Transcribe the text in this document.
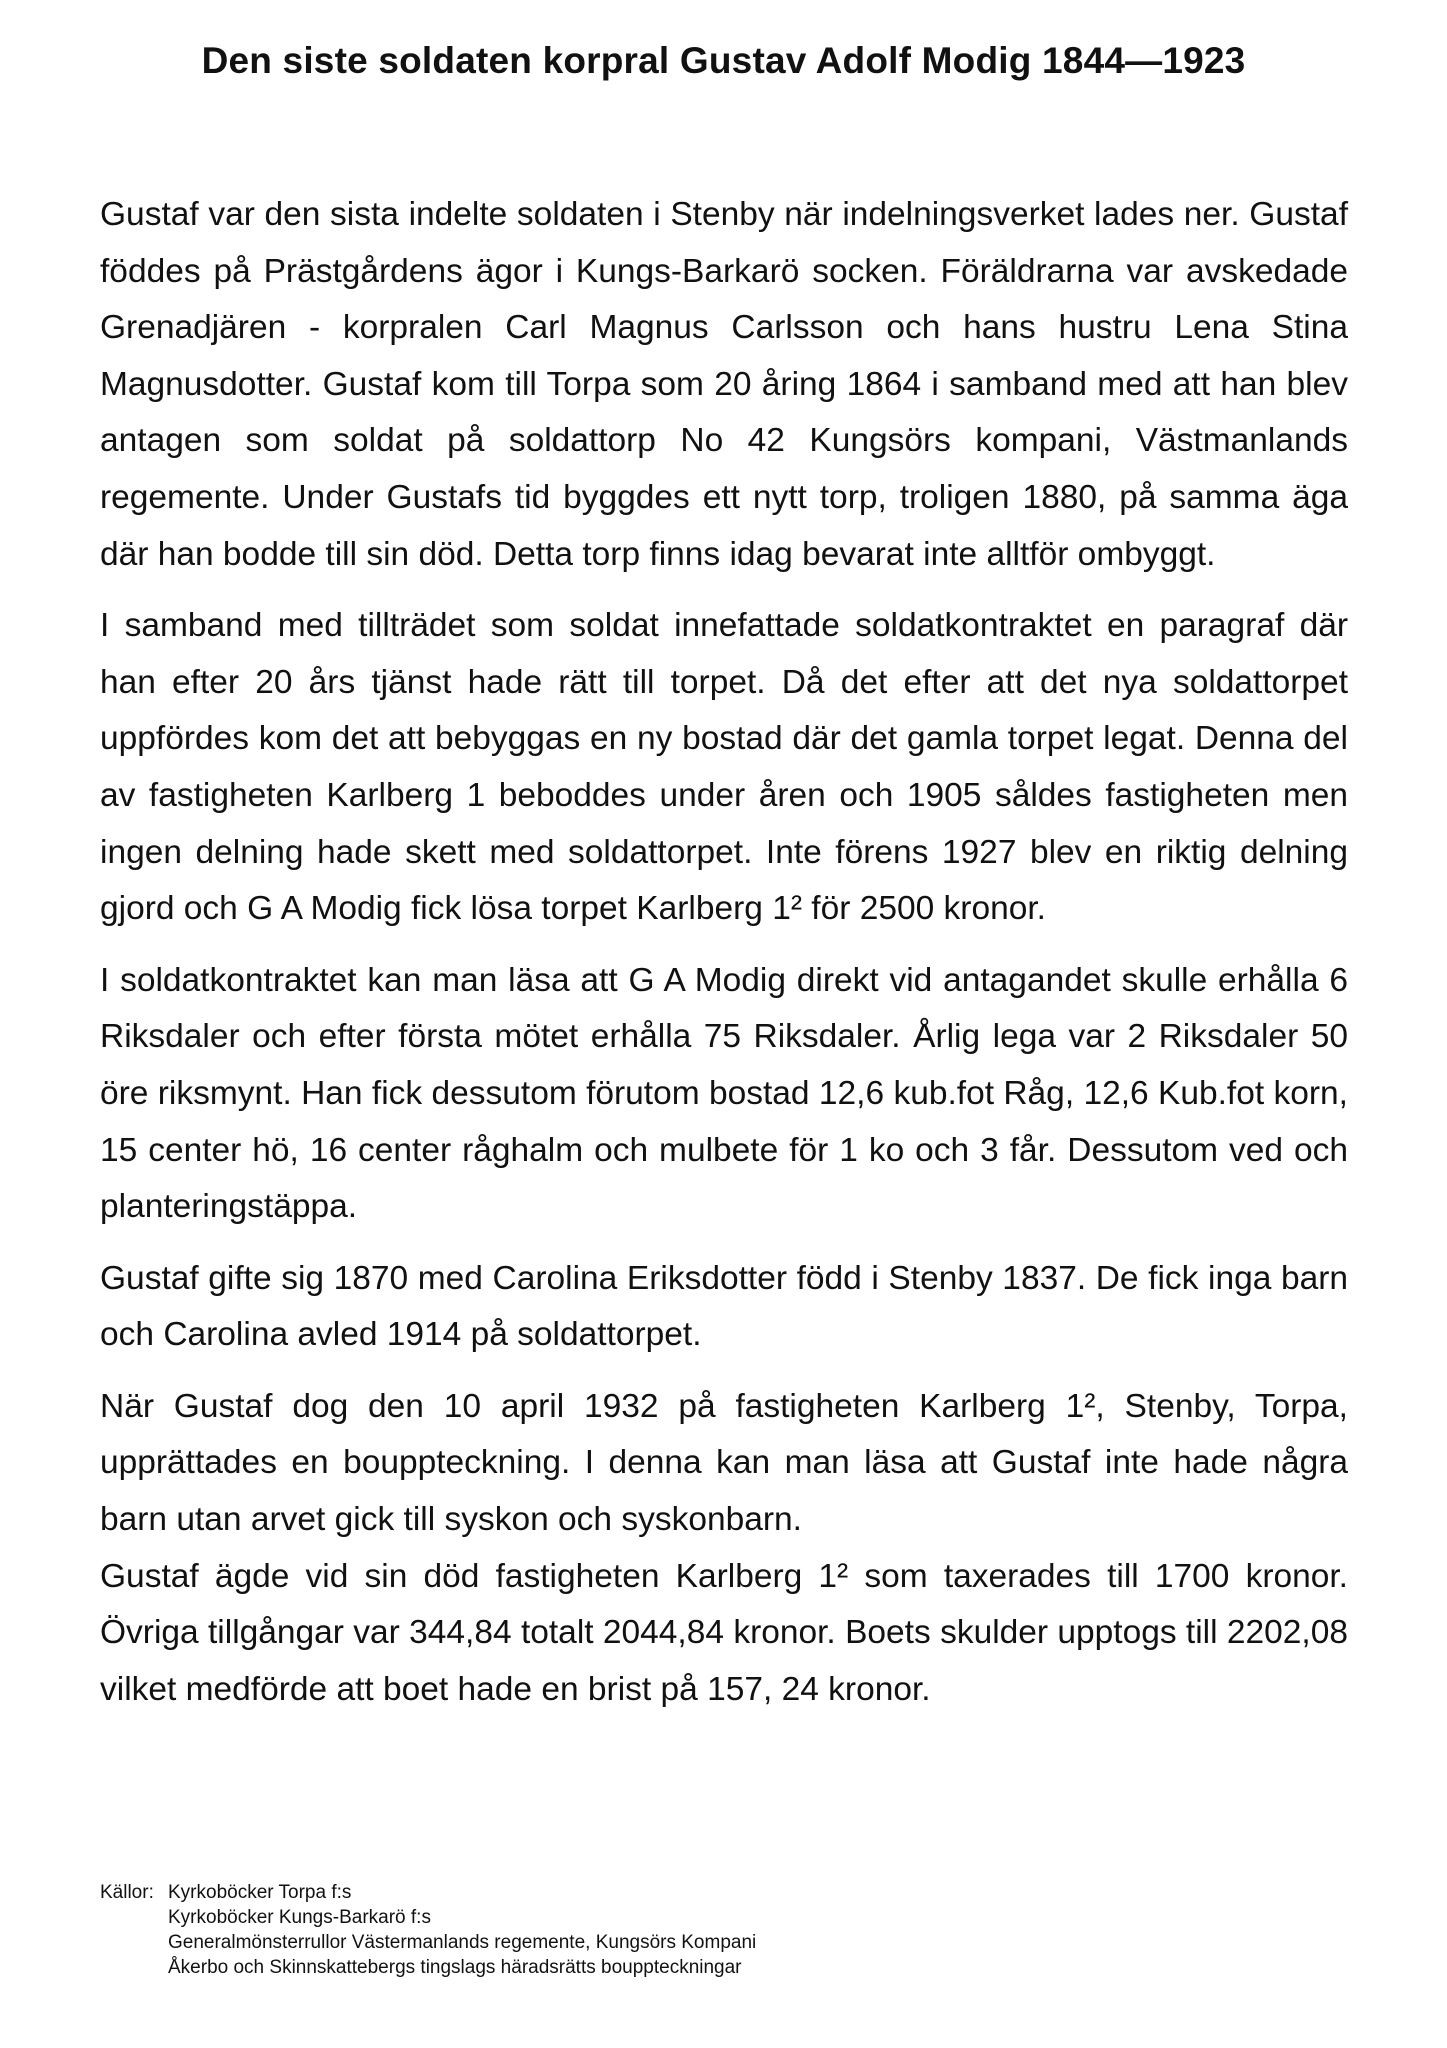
Den siste soldaten korpral Gustav Adolf Modig 1844—1923

Gustaf var den sista indelte soldaten i Stenby när indelningsverket lades ner. Gustaf föddes på Prästgårdens ägor i Kungs-Barkarö socken. Föräldrarna var avskedade Grenadjären - korpralen Carl Magnus Carlsson och hans hustru Lena Stina Magnusdotter. Gustaf kom till Torpa som 20 åring 1864 i samband med att han blev antagen som soldat på soldattorp No 42 Kungsörs kompani, Västmanlands regemente. Under Gustafs tid byggdes ett nytt torp, troligen 1880, på samma äga där han bodde till sin död. Detta torp finns idag bevarat inte alltför ombyggt.

I samband med tillträdet som soldat innefattade soldatkontraktet en paragraf där han efter 20 års tjänst hade rätt till torpet. Då det efter att det nya soldattorpet uppfördes kom det att bebyggas en ny bostad där det gamla torpet legat. Denna del av fastigheten Karlberg 1 beboddes under åren och 1905 såldes fastigheten men ingen delning hade skett med soldattorpet. Inte förens 1927 blev en riktig delning gjord och G A Modig fick lösa torpet Karlberg 1² för 2500 kronor.

I soldatkontraktet kan man läsa att G A Modig direkt vid antagandet skulle erhålla 6 Riksdaler och efter första mötet erhålla 75 Riksdaler. Årlig lega var 2 Riksdaler 50 öre riksmynt. Han fick dessutom förutom bostad 12,6 kub.fot Råg, 12,6 Kub.fot korn, 15 center hö, 16 center råghalm och mulbete för 1 ko och 3 får. Dessutom ved och planteringstäppa.

Gustaf gifte sig 1870 med Carolina Eriksdotter född i Stenby 1837. De fick inga barn och Carolina avled 1914 på soldattorpet.

När Gustaf dog den 10 april 1932 på fastigheten Karlberg 1², Stenby, Torpa, upprättades en bouppteckning. I denna kan man läsa att Gustaf inte hade några barn utan arvet gick till syskon och syskonbarn.

Gustaf ägde vid sin död fastigheten Karlberg 1² som taxerades till 1700 kronor. Övriga tillgångar var 344,84 totalt 2044,84 kronor. Boets skulder upptogs till 2202,08 vilket medförde att boet hade en brist på 157, 24 kronor.

Källor: Kyrkoböcker Torpa f:s
Kyrkoböcker Kungs-Barkarö f:s
Generalmönsterrullor Västermanlands regemente, Kungsörs Kompani
Åkerbo och Skinnskattebergs tingslags häradsrätts bouppteckningar
